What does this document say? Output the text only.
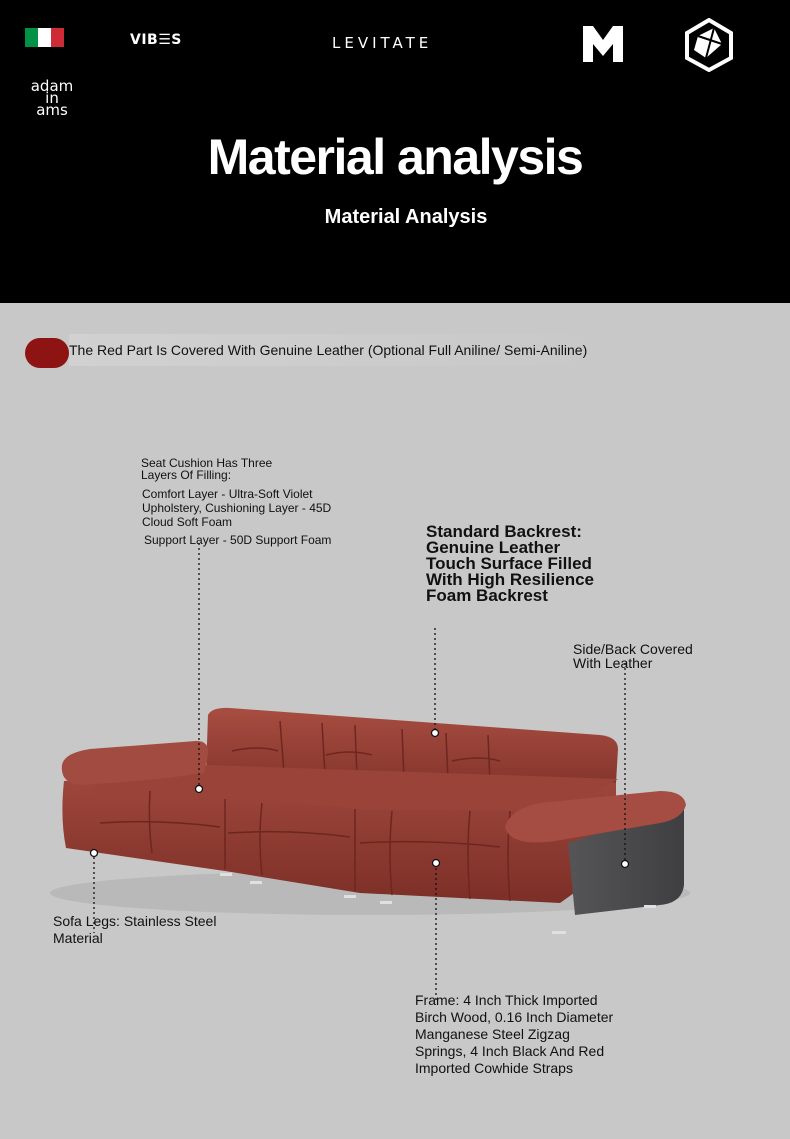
VIB☰S	LEVITATE
adam
in
ams
Material analysis
Material Analysis
The Red Part Is Covered With Genuine Leather (Optional Full Aniline/ Semi-Aniline)
Seat Cushion Has Three Layers Of Filling:
Comfort Layer - Ultra-Soft Violet Upholstery, Cushioning Layer - 45D Cloud Soft Foam
Support Layer - 50D Support Foam	Standard Backrest: Genuine Leather Touch Surface Filled With High Resilience Foam Backrest
Side/Back Covered With Leather
Sofa Legs: Stainless Steel Material
Frame: 4 Inch Thick Imported Birch Wood, 0.16 Inch Diameter Manganese Steel Zigzag Springs, 4 Inch Black And Red Imported Cowhide Straps
